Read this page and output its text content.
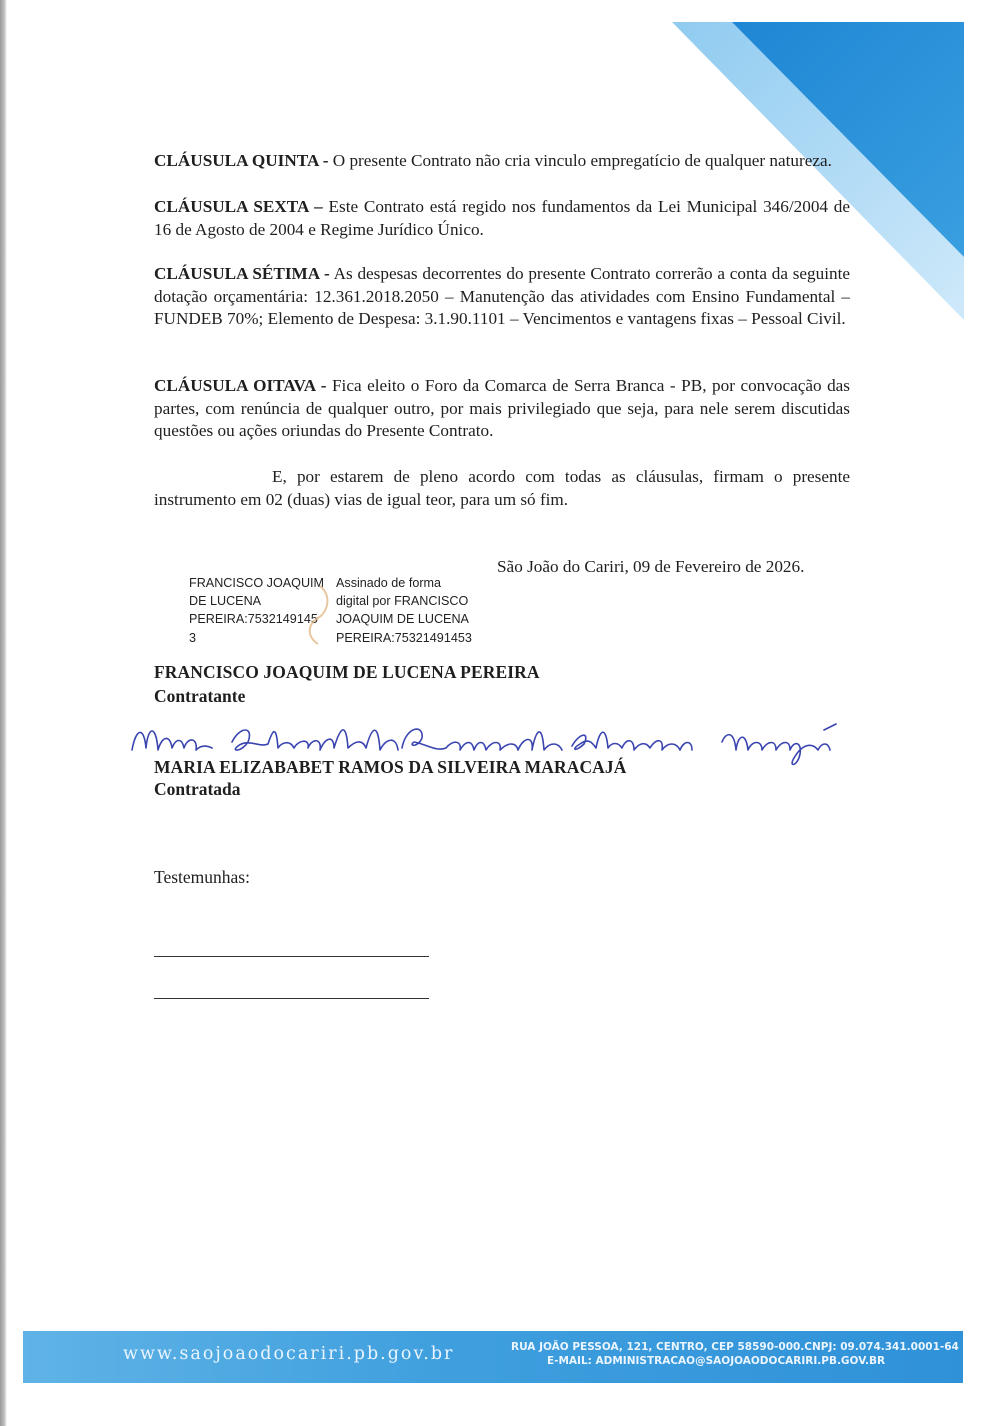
CLÁUSULA QUINTA - O presente Contrato não cria vinculo empregatício de qualquer natureza.

CLÁUSULA SEXTA – Este Contrato está regido nos fundamentos da Lei Municipal 346/2004 de 16 de Agosto de 2004 e Regime Jurídico Único.

CLÁUSULA SÉTIMA - As despesas decorrentes do presente Contrato correrão a conta da seguinte dotação orçamentária: 12.361.2018.2050 – Manutenção das atividades com Ensino Fundamental – FUNDEB 70%; Elemento de Despesa: 3.1.90.1101 – Vencimentos e vantagens fixas – Pessoal Civil.

CLÁUSULA OITAVA - Fica eleito o Foro da Comarca de Serra Branca - PB, por convocação das partes, com renúncia de qualquer outro, por mais privilegiado que seja, para nele serem discutidas questões ou ações oriundas do Presente Contrato.

E, por estarem de pleno acordo com todas as cláusulas, firmam o presente instrumento em 02 (duas) vias de igual teor, para um só fim.

São João do Cariri, 09 de Fevereiro de 2026.
FRANCISCO JOAQUIM
DE LUCENA
PEREIRA:7532149145
3
Assinado de forma
digital por FRANCISCO
JOAQUIM DE LUCENA
PEREIRA:75321491453
FRANCISCO JOAQUIM DE LUCENA PEREIRA
Contratante
MARIA ELIZABABET RAMOS DA SILVEIRA MARACAJÁ
Contratada
Testemunhas:
www.saojoaodocariri.pb.gov.br	RUA JOÃO PESSOA, 121, CENTRO, CEP 58590-000.CNPJ: 09.074.341.0001-64
E-MAIL: ADMINISTRACAO@SAOJOAODOCARIRI.PB.GOV.BR
